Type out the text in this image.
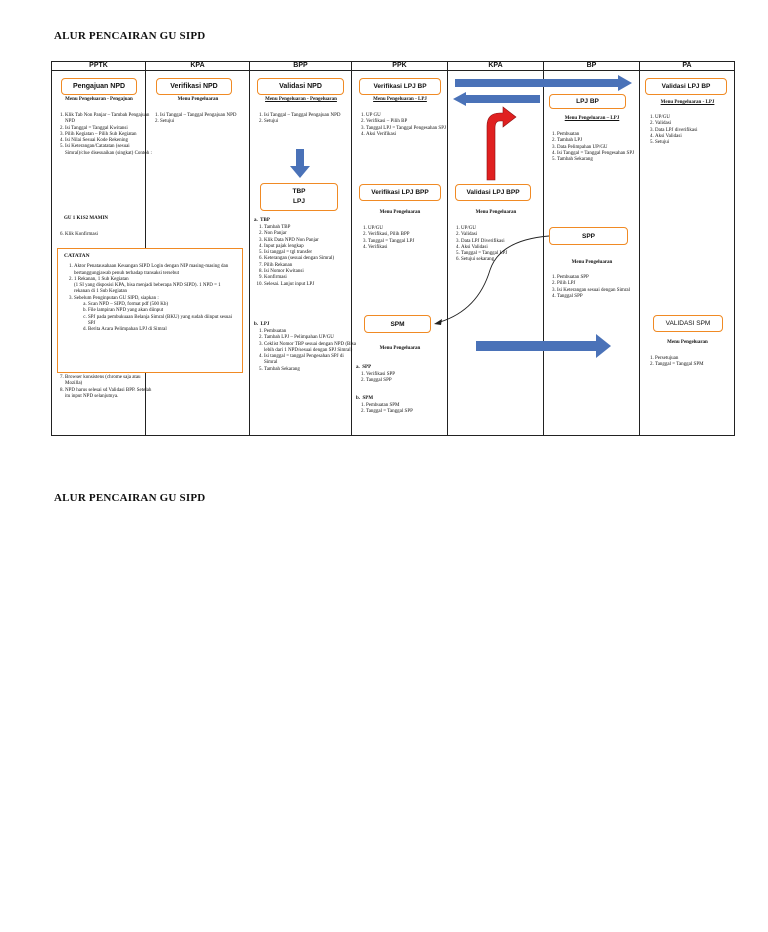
ALUR PENCAIRAN GU SIPD
PPTK	KPA	BPP	PPK	KPA	BP	PA
Pengajuan NPD
Menu Pengeluaran - Pengajuan
1. Klik Tab Non Panjar – Tambah Pengajuan NPD
2. Isi Tanggal = Tanggal Kwitansi
3. Pilih Kegiatan – Pilih Sub Kegiatan
4. Isi Nilai Sesuai Kode Rekening
5. Isi Keterangan/Catatatan (sesuai Simral)/clue disesuaikan (singkat) Contoh :
GU 1 K1S2 MAMIN
6. Klik Konfirmasi
7. Browser konsistens (chrome saja atau Mozilla)
8. NPD harus selesai sd Validasi BPP. Setelah itu input NPD selanjutnya.
CATATAN
1. Aktor Penatausahaan Keuangan SIPD Login dengan NIP masing-masing dan bertanggungjawab penuh terhadap transaksi tersebut
2. 1 Rekanan, 1 Sub Kegiatan
(1 SI yang disposisi KPA, bisa menjadi beberapa NPD SIPD). 1 NPD = 1 rekanan di 1 Sub Kegiatan
3. Sebelum Penginputan GU SIPD, siapkan :
a. Scan NPD – SIPD, format pdf (500 Kb)
b. File lampiran NPD yang akan diinput
c. SPJ pada pembukuaan Belanja Simral (BKU) yang sudah diinput sesuai SPJ
d. Berita Acara Pelimpahan LPJ di Simral
Verifikasi NPD
Menu Pengeluaran
1. Isi Tanggal – Tanggal Pengajuan NPD
2. Setujui
Validasi NPD
Menu Pengeluaran - Pengeluaran
1. Isi Tanggal – Tanggal Pengajuan NPD
2. Setujui
TBP
LPJ
a. TBP
1. Tambah TBP
2. Non Panjar
3. Klik Data NPD Non Panjar
4. Input pajak lengkap
5. Isi tanggal = tgl transfer
6. Keterangan (sesuai dengan Simral)
7. Pilih Rekanan
8. Isi Nomor Kwitansi
9. Konfirmasi
10. Selesai. Lanjut input LPJ
b. LPJ
1. Pembuatan
2. Tambah LPJ – Pelimpahan UP/GU
3. Ceklist Nomor TBP sesuai dengan NPD (Bisa lebih dari 1 NPD/sesuai dengan SPJ Simral)
4. Isi tanggal = tanggal Pengesahan SPJ di Simral
5. Tambah Sekarang
Verifikasi LPJ BP
Menu Pengeluaran - LPJ
1. UP GU
2. Verifikasi – Pilih BP
3. Tanggal LPJ = Tanggal Pengesahan SPJ
4. Aksi Verifikasi
Verifikasi LPJ BPP
Menu Pengeluaran
1. UP/GU
2. Verifikasi, Pilih BPP
3. Tanggal = Tanggal LPJ
4. Verifikasi
SPM
Menu Pengeluaran
a. SPP
1. Verifikasi SPP
2. Tanggal SPP
b. SPM
1. Pembuatan SPM
2. Tanggal = Tanggal SPP
Validasi LPJ BPP
Menu Pengeluaran
1. UP/GU
2. Validasi
3. Data LPJ Diverifikasi
4. Aksi Validasi
5. Tanggal = Tanggal LPJ
6. Setujui sekarang
LPJ BP
Menu Pengeluaran – LPJ
1. Pembuatan
2. Tambah LPJ
3. Data Pelimpahan UP/GU
4. Isi Tanggal = Tanggal Pengesahan SPJ
5. Tambah Sekarang
SPP
Menu Pengeluaran
1. Pembuatan SPP
2. Pilih LPJ
3. Isi Keterangan sesuai dengan Simral
4. Tanggal SPP
Validasi LPJ BP
Menu Pengeluaran - LPJ
1. UP/GU
2. Validasi
3. Data LPJ diverifikasi
4. Aksi Validasi
5. Setujui
VALIDASI SPM
Menu Pengeluaran
1. Persetujuan
2. Tanggal = Tanggal SPM
ALUR PENCAIRAN GU SIPD
